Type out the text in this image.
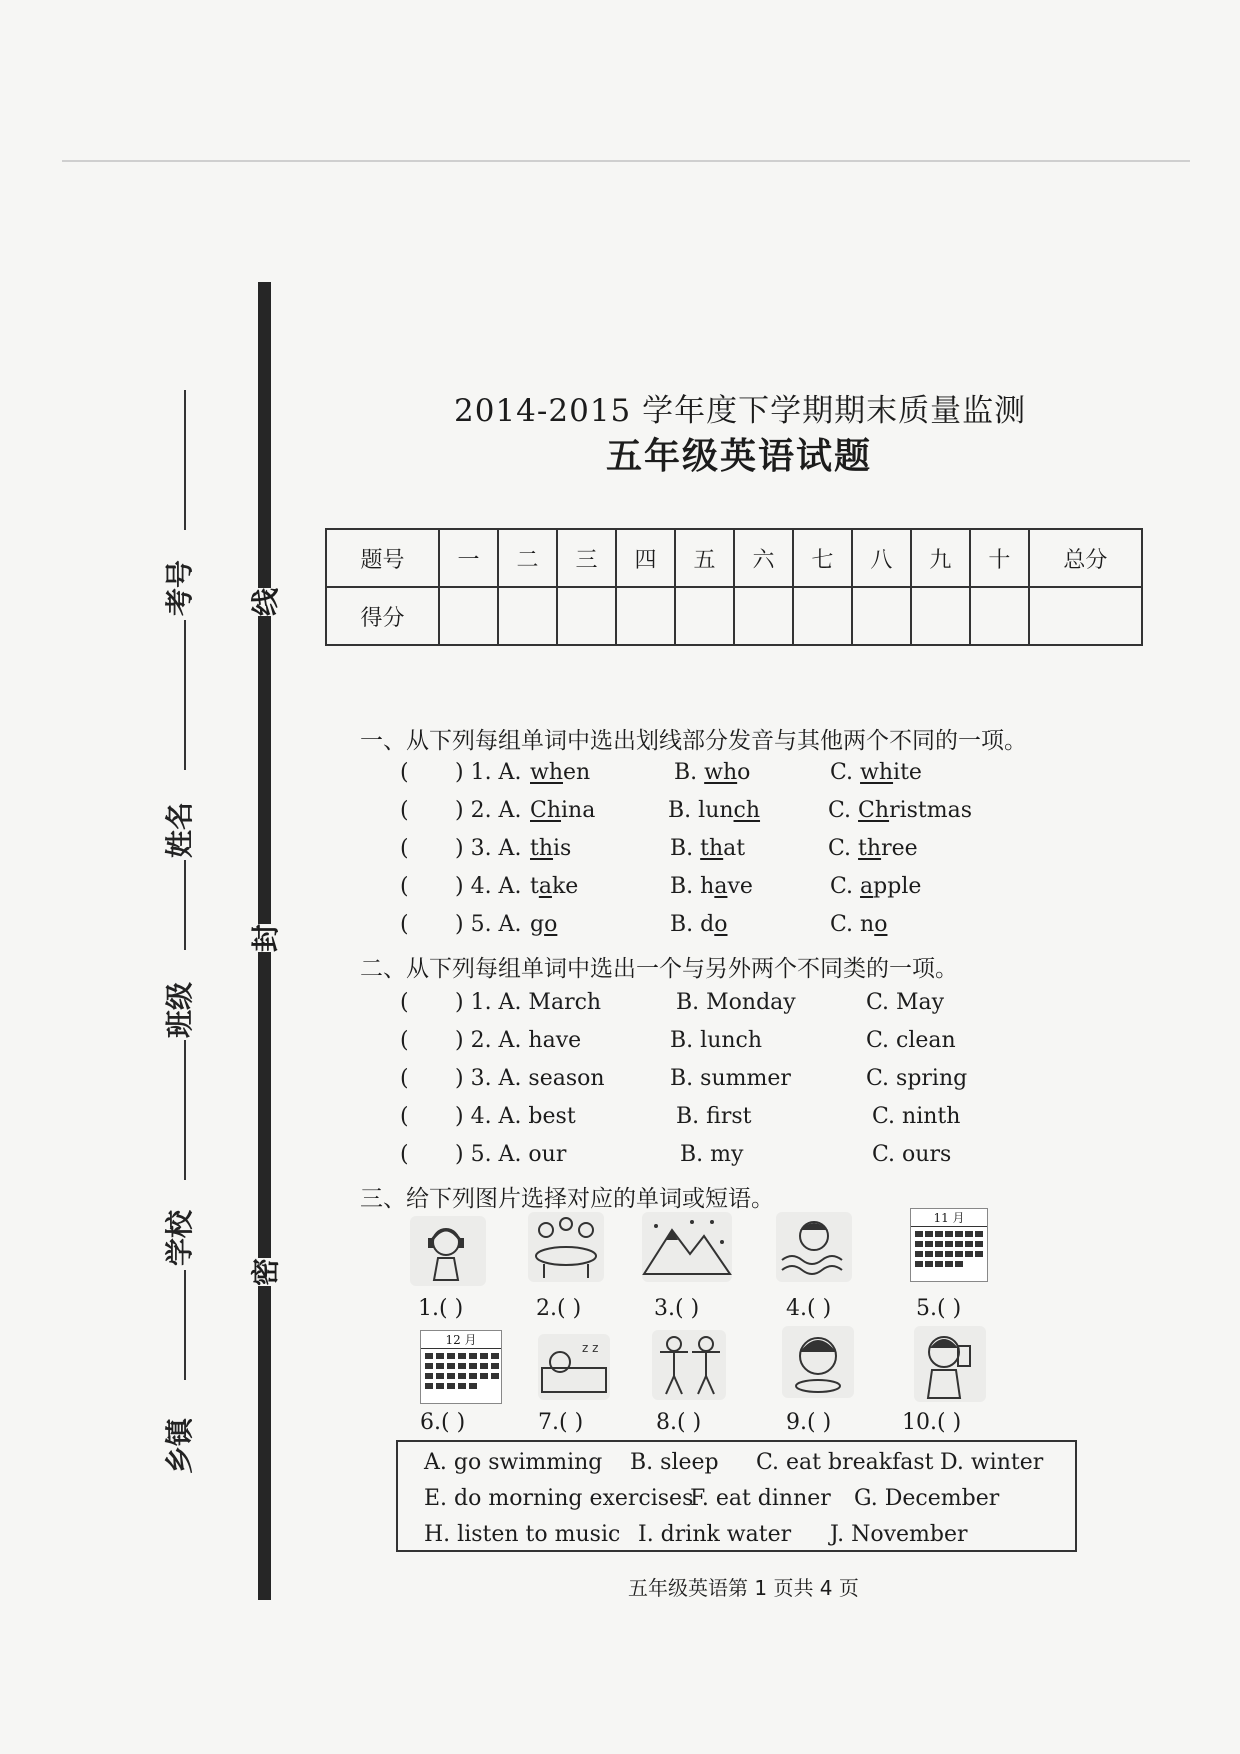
考号
姓名
班级
学校
乡镇
线
封
密
2014-2015 学年度下学期期末质量监测
五年级英语试题
题号	一	二	三	四	五	六	七	八	九	十	总分
得分											
一、从下列每组单词中选出划线部分发音与其他两个不同的一项。
( ) 1. A. when	B. who	C. white
( ) 2. A. China	B. lunch	C. Christmas
( ) 3. A. this	B. that	C. three
( ) 4. A. take	B. have	C. apple
( ) 5. A. go	B. do	C. no
二、从下列每组单词中选出一个与另外两个不同类的一项。
( ) 1. A. March	B. Monday	C. May
( ) 2. A. have	B. lunch	C. clean
( ) 3. A. season	B. summer	C. spring
( ) 4. A. best	B. first	C. ninth
( ) 5. A. our	B. my	C. ours
三、给下列图片选择对应的单词或短语。
11 月
1.( )	2.( )	3.( )	4.( )	5.( )
12 月
z z
6.( )	7.( )	8.( )	9.( )	10.( )
A. go swimming B. sleep C. eat breakfast D. winter
E. do morning exercises
F. eat dinner G. December
H. listen to music I. drink water J. November
五年级英语第 1 页共 4 页
